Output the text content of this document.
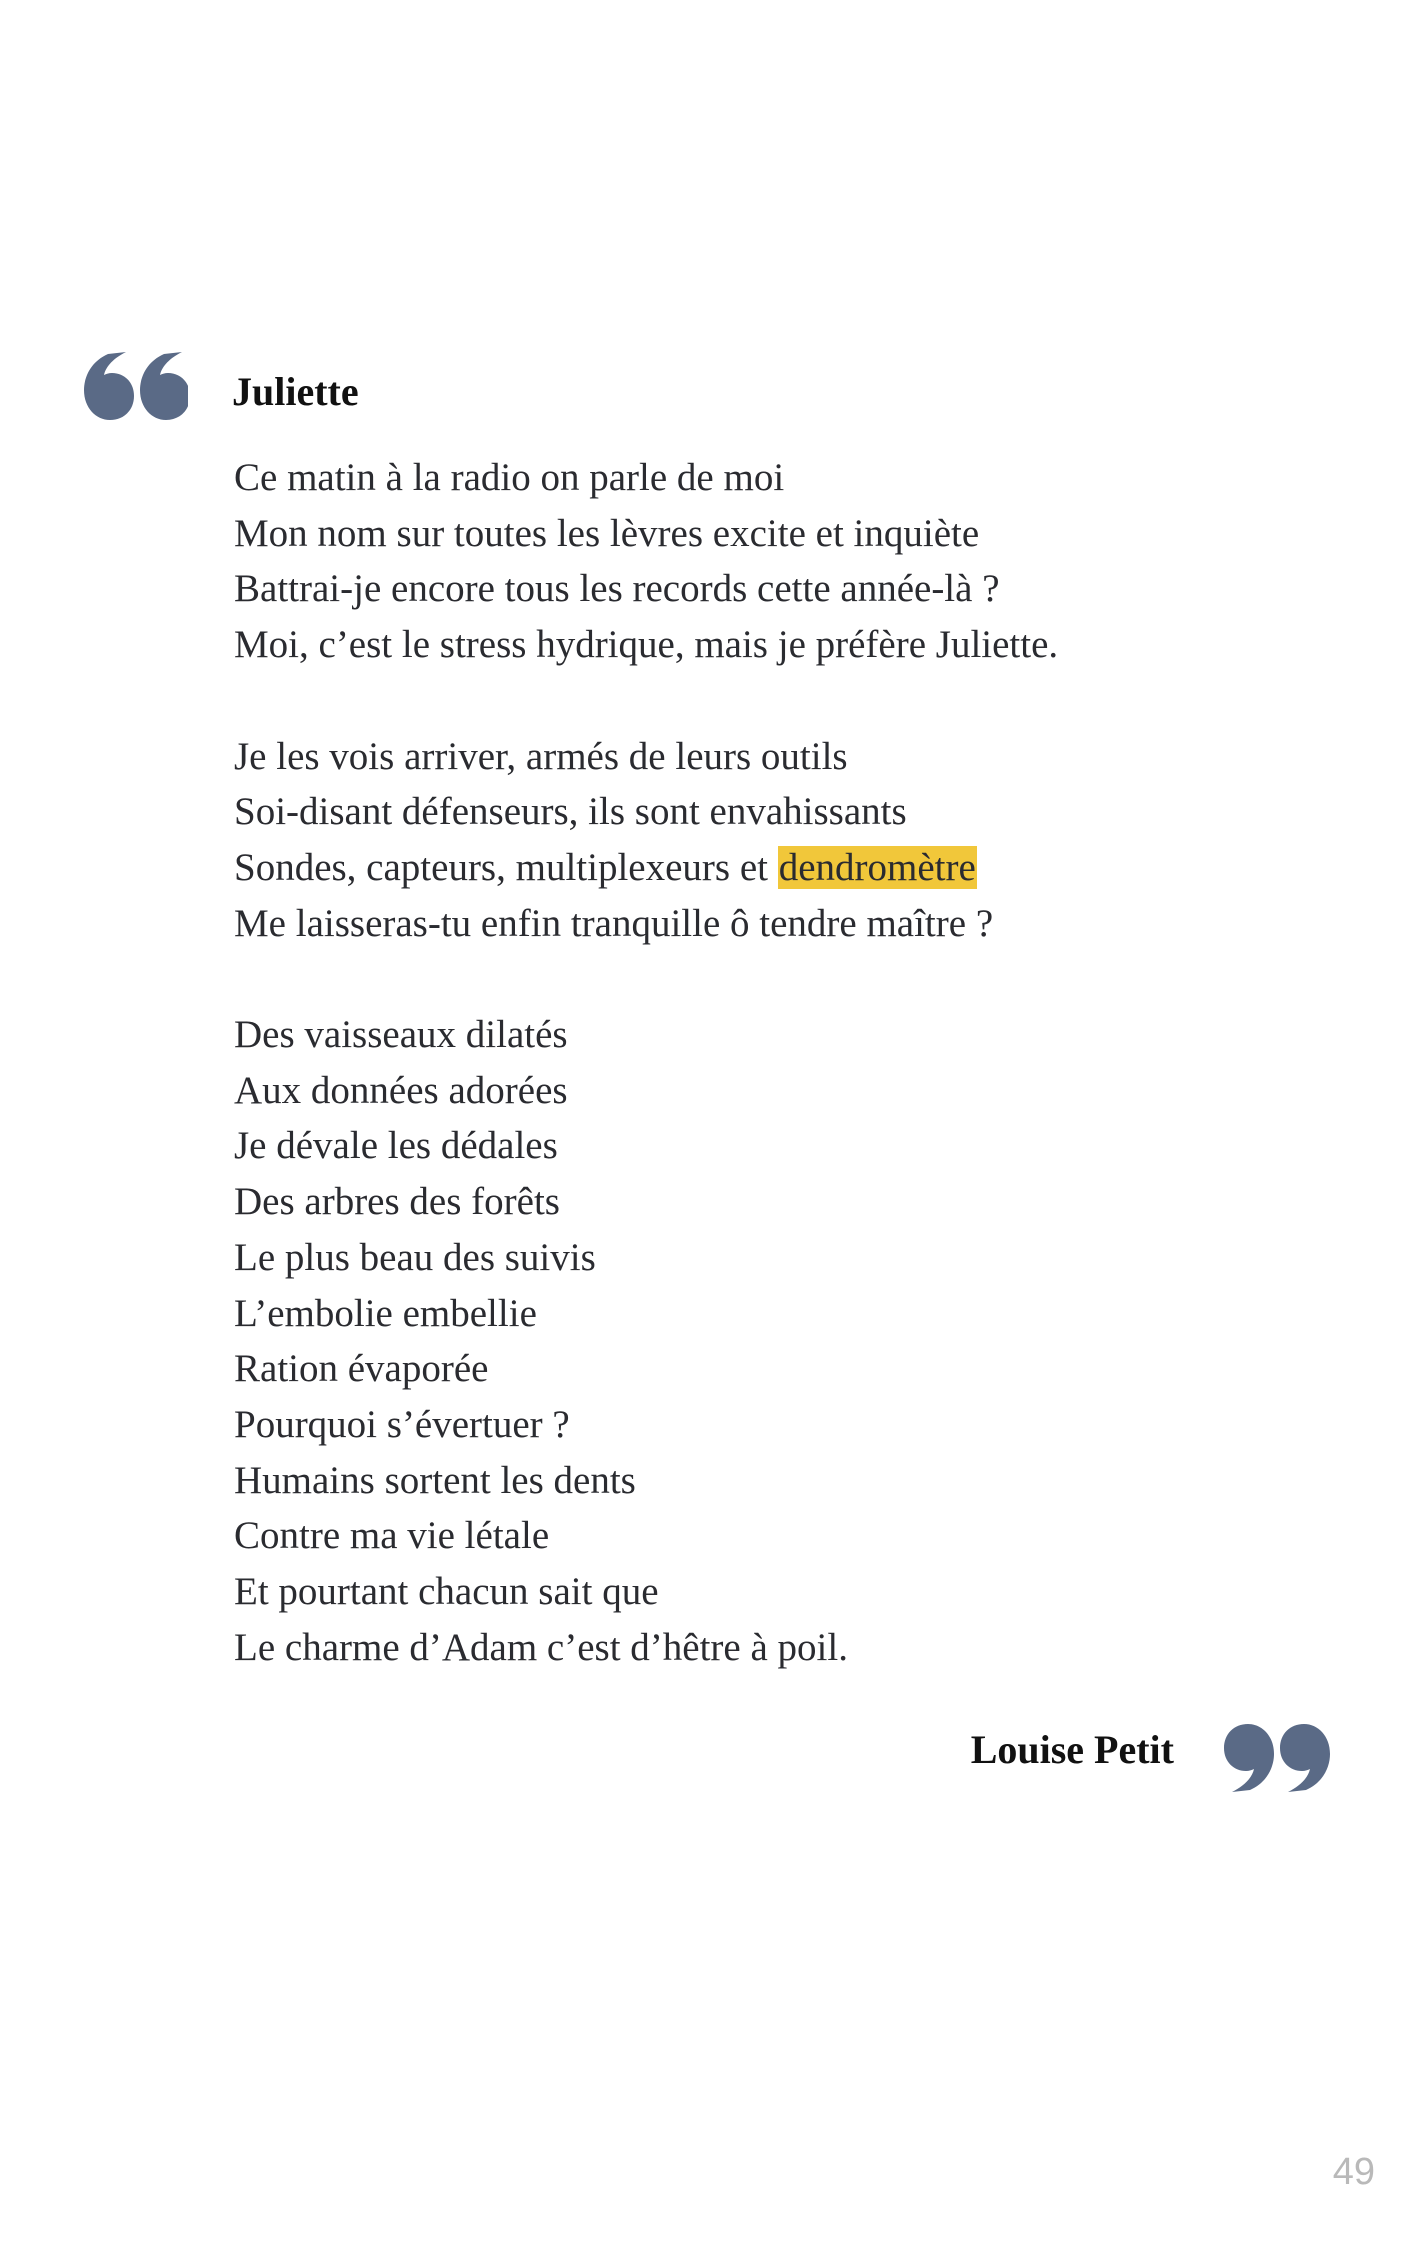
Juliette
Ce matin à la radio on parle de moi
Mon nom sur toutes les lèvres excite et inquiète
Battrai-je encore tous les records cette année-là ?
Moi, c’est le stress hydrique, mais je préfère Juliette.
Je les vois arriver, armés de leurs outils
Soi-disant défenseurs, ils sont envahissants
Sondes, capteurs, multiplexeurs et dendromètre
Me laisseras-tu enfin tranquille ô tendre maître ?
Des vaisseaux dilatés
Aux données adorées
Je dévale les dédales
Des arbres des forêts
Le plus beau des suivis
L’embolie embellie
Ration évaporée
Pourquoi s’évertuer ?
Humains sortent les dents
Contre ma vie létale
Et pourtant chacun sait que
Le charme d’Adam c’est d’hêtre à poil.

Louise Petit

49
